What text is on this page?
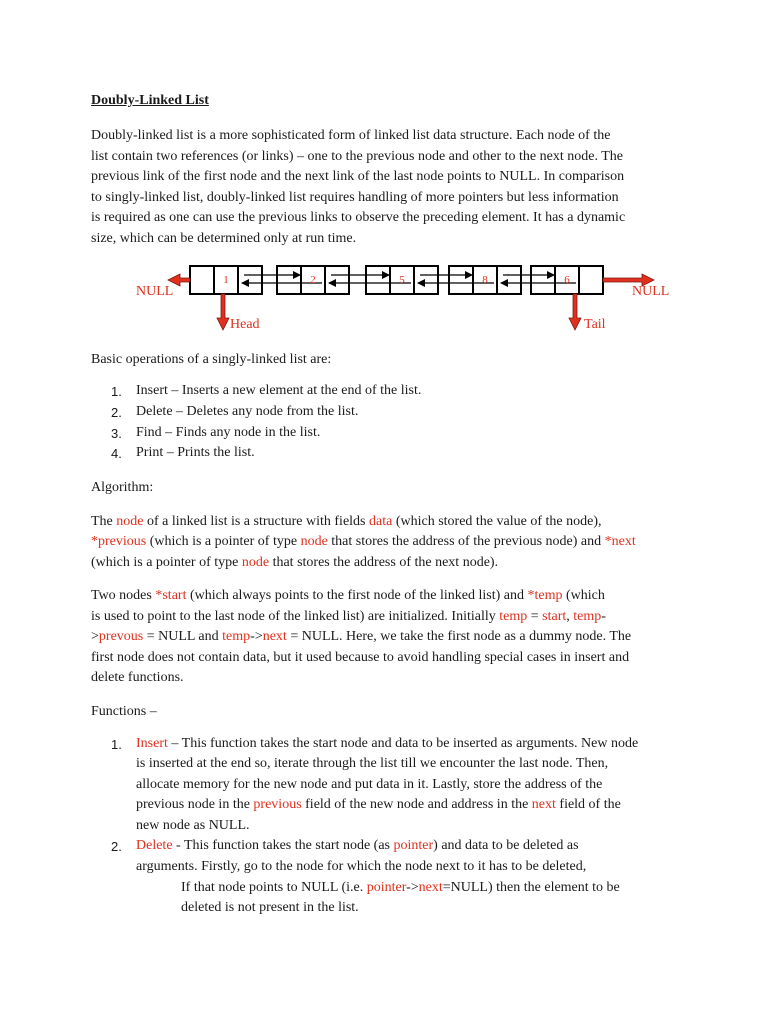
Doubly-Linked List
Doubly-linked list is a more sophisticated form of linked list data structure. Each node of the
list contain two references (or links) – one to the previous node and other to the next node. The
previous link of the first node and the next link of the last node points to NULL. In comparison
to singly-linked list, doubly-linked list requires handling of more pointers but less information
is required as one can use the previous links to observe the preceding element. It has a dynamic
size, which can be determined only at run time.
1	2	5	8	6
NULL	NULL
Head	Tail
Basic operations of a singly-linked list are:
1. Insert – Inserts a new element at the end of the list.
2. Delete – Deletes any node from the list.
3. Find – Finds any node in the list.
4. Print – Prints the list.
Algorithm:
The node of a linked list is a structure with fields data (which stored the value of the node),
*previous (which is a pointer of type node that stores the address of the previous node) and *next
(which is a pointer of type node that stores the address of the next node).
Two nodes *start (which always points to the first node of the linked list) and *temp (which
is used to point to the last node of the linked list) are initialized. Initially temp = start, temp-
>prevous = NULL and temp->next = NULL. Here, we take the first node as a dummy node. The
first node does not contain data, but it used because to avoid handling special cases in insert and
delete functions.
Functions –
1. Insert – This function takes the start node and data to be inserted as arguments. New node
is inserted at the end so, iterate through the list till we encounter the last node. Then,
allocate memory for the new node and put data in it. Lastly, store the address of the
previous node in the previous field of the new node and address in the next field of the
new node as NULL.
2. Delete - This function takes the start node (as pointer) and data to be deleted as
arguments. Firstly, go to the node for which the node next to it has to be deleted,
If that node points to NULL (i.e. pointer->next=NULL) then the element to be
deleted is not present in the list.
